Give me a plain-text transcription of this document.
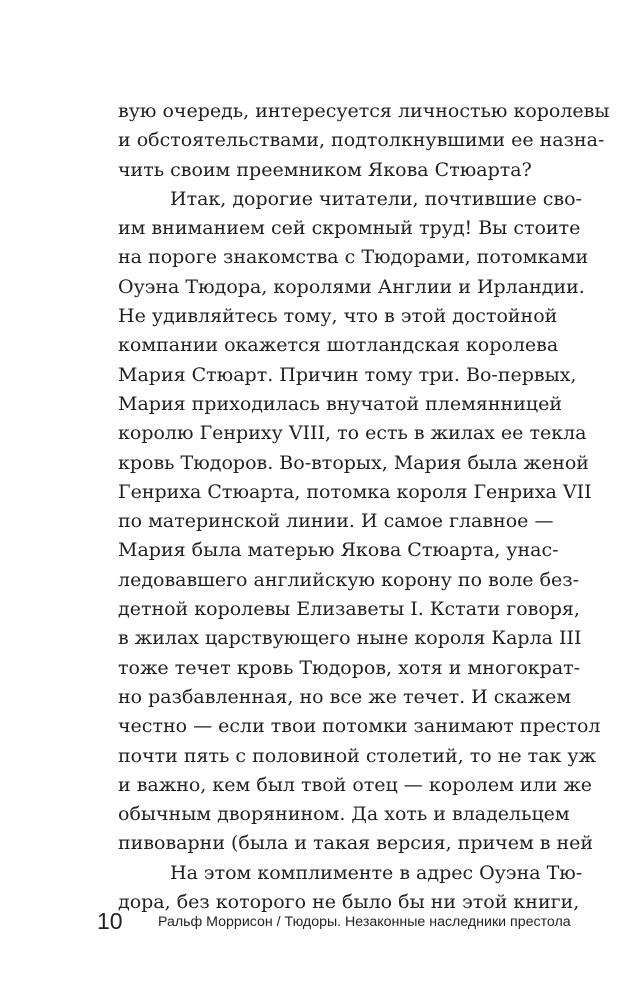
вую очередь, интересуется личностью королевы
и обстоятельствами, подтолкнувшими ее назна-
чить своим преемником Якова Стюарта?
Итак, дорогие читатели, почтившие сво-
им вниманием сей скромный труд! Вы стоите
на пороге знакомства с Тюдорами, потомками
Оуэна Тюдора, королями Англии и Ирландии.
Не удивляйтесь тому, что в этой достойной
компании окажется шотландская королева
Мария Стюарт. Причин тому три. Во-первых,
Мария приходилась внучатой племянницей
королю Генриху VIII, то есть в жилах ее текла
кровь Тюдоров. Во-вторых, Мария была женой
Генриха Стюарта, потомка короля Генриха VII
по материнской линии. И самое главное —
Мария была матерью Якова Стюарта, унас-
ледовавшего английскую корону по воле без-
детной королевы Елизаветы I. Кстати говоря,
в жилах царствующего ныне короля Карла III
тоже течет кровь Тюдоров, хотя и многократ-
но разбавленная, но все же течет. И скажем
честно — если твои потомки занимают престол
почти пять с половиной столетий, то не так уж
и важно, кем был твой отец — королем или же
обычным дворянином. Да хоть и владельцем
пивоварни (была и такая версия, причем в ней
На этом комплименте в адрес Оуэна Тю-
дора, без которого не было бы ни этой книги,
10 Ральф Моррисон / Тюдоры. Незаконные наследники престола
